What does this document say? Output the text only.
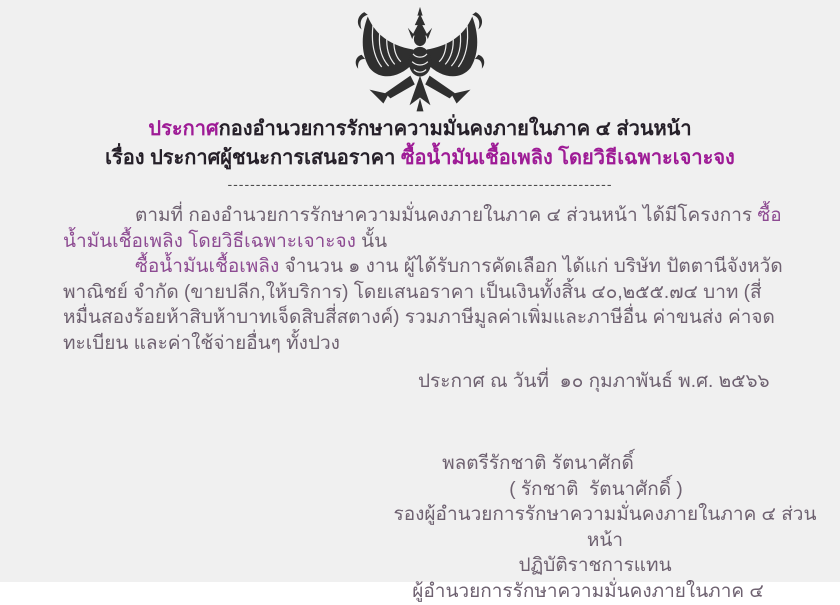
ประกาศกองอำนวยการรักษาความมั่นคงภายในภาค ๔ ส่วนหน้า
เรื่อง ประกาศผู้ชนะการเสนอราคา ซื้อน้ำมันเชื้อเพลิง โดยวิธีเฉพาะเจาะจง
--------------------------------------------------------------------

ตามที่ กองอำนวยการรักษาความมั่นคงภายในภาค ๔ ส่วนหน้า ได้มีโครงการ ซื้อน้ำมันเชื้อเพลิง โดยวิธีเฉพาะเจาะจง นั้น

ซื้อน้ำมันเชื้อเพลิง จำนวน ๑ งาน ผู้ได้รับการคัดเลือก ได้แก่ บริษัท ปัตตานีจังหวัดพาณิชย์ จำกัด (ขายปลีก,ให้บริการ) โดยเสนอราคา เป็นเงินทั้งสิ้น ๔๐,๒๕๕.๗๔ บาท (สี่หมื่นสองร้อยห้าสิบห้าบาทเจ็ดสิบสี่สตางค์) รวมภาษีมูลค่าเพิ่มและภาษีอื่น ค่าขนส่ง ค่าจดทะเบียน และค่าใช้จ่ายอื่นๆ ทั้งปวง

ประกาศ ณ วันที่  ๑๐ กุมภาพันธ์ พ.ศ. ๒๕๖๖
พลตรีรักชาติ รัตนาศักดิ์
( รักชาติ  รัตนาศักดิ์ )
รองผู้อำนวยการรักษาความมั่นคงภายในภาค ๔ ส่วนหน้า
ปฏิบัติราชการแทน
ผู้อำนวยการรักษาความมั่นคงภายในภาค ๔
